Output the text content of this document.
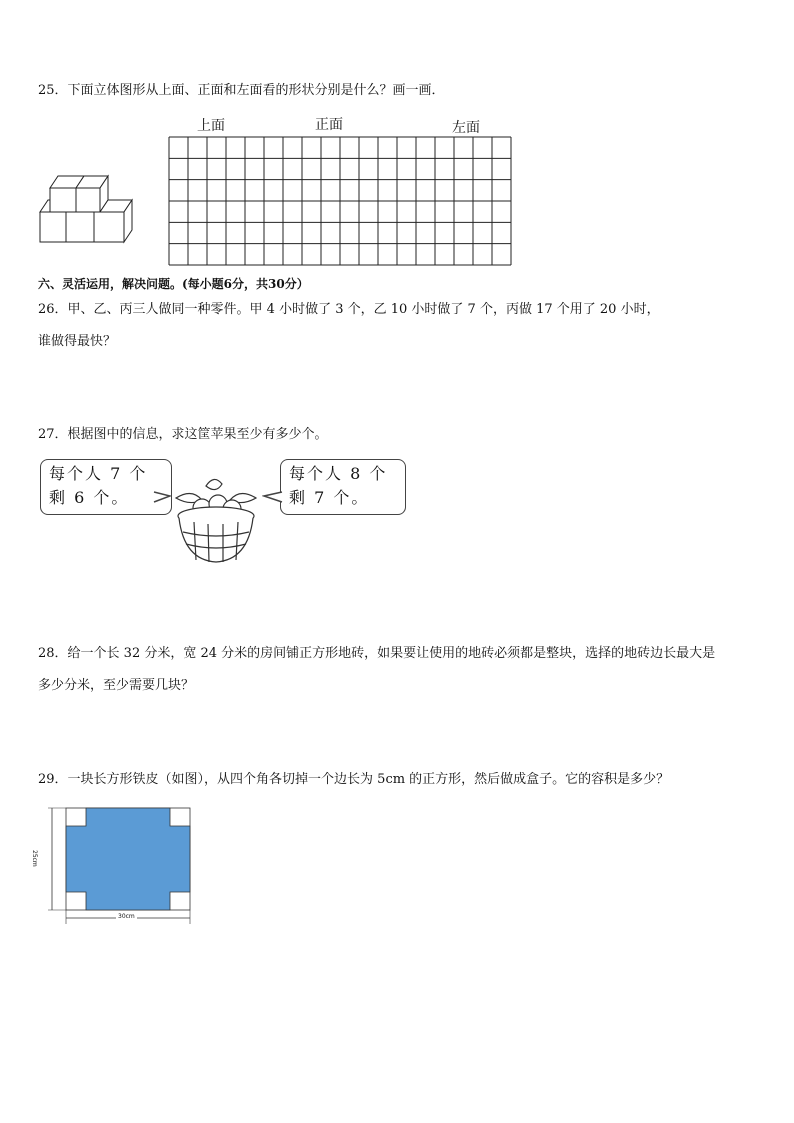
25．下面立体图形从上面、正面和左面看的形状分别是什么？画一画．
上面	正面	左面
六、灵活运用，解决问题。(每小题6分，共30分）
26．甲、乙、丙三人做同一种零件。甲 4 小时做了 3 个，乙 10 小时做了 7 个，丙做 17 个用了 20 小时，
谁做得最快？
27．根据图中的信息，求这筐苹果至少有多少个。
每个人 7 个
剩 6 个。
每个人 8 个
剩 7 个。
28．给一个长 32 分米，宽 24 分米的房间铺正方形地砖，如果要让使用的地砖必须都是整块，选择的地砖边长最大是
多少分米，至少需要几块？
29．一块长方形铁皮（如图），从四个角各切掉一个边长为 5cm 的正方形，然后做成盒子。它的容积是多少？
30cm
25cm
